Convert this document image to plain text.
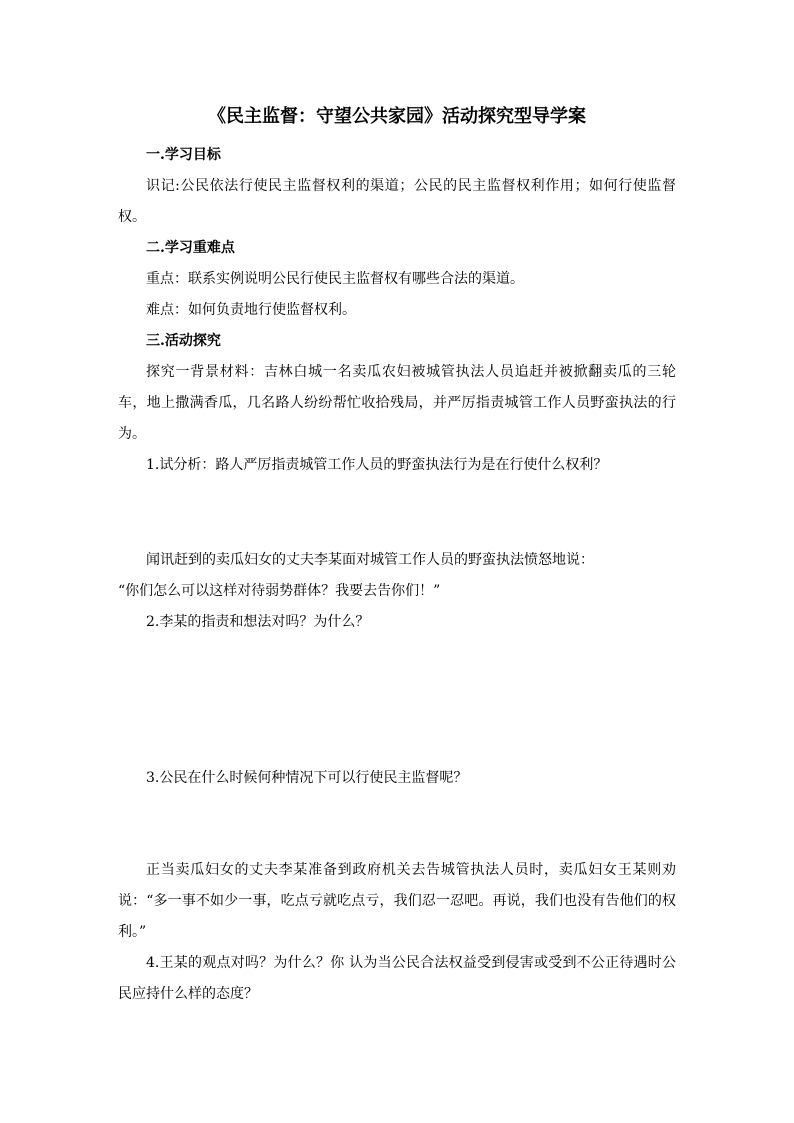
《民主监督：守望公共家园》活动探究型导学案
一.学习目标
识记:公民依法行使民主监督权利的渠道；公民的民主监督权利作用；如何行使监督权。
二.学习重难点
重点：联系实例说明公民行使民主监督权有哪些合法的渠道。
难点：如何负责地行使监督权利。
三.活动探究
探究一背景材料：吉林白城一名卖瓜农妇被城管执法人员追赶并被掀翻卖瓜的三轮车，地上撒满香瓜，几名路人纷纷帮忙收拾残局，并严厉指责城管工作人员野蛮执法的行为。
1.试分析：路人严厉指责城管工作人员的野蛮执法行为是在行使什么权利？
闻讯赶到的卖瓜妇女的丈夫李某面对城管工作人员的野蛮执法愤怒地说：
“你们怎么可以这样对待弱势群体？我要去告你们！”
2.李某的指责和想法对吗？为什么？
3.公民在什么时候何种情况下可以行使民主监督呢？
正当卖瓜妇女的丈夫李某准备到政府机关去告城管执法人员时，卖瓜妇女王某则劝说：“多一事不如少一事，吃点亏就吃点亏，我们忍一忍吧。再说，我们也没有告他们的权利。”
4.王某的观点对吗？为什么？你 认为当公民合法权益受到侵害或受到不公正待遇时公民应持什么样的态度？
